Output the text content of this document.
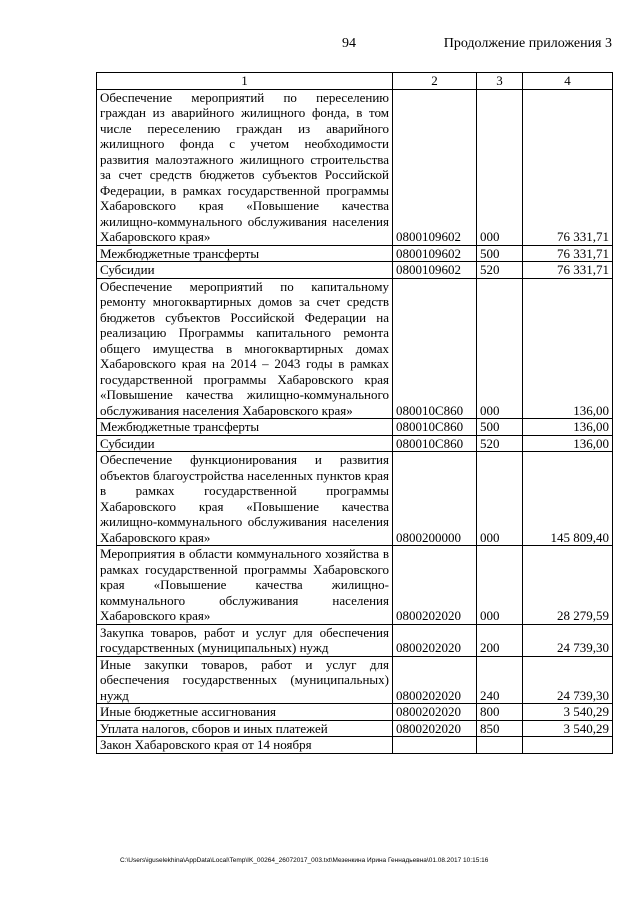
94	Продолжение приложения 3
1	2	3	4
Обеспечение мероприятий по переселению граждан из аварийного жилищного фонда, в том числе переселению граждан из аварийного жилищного фонда с учетом необходимости развития малоэтажного жилищного строительства за счет средств бюджетов субъектов Российской Федерации, в рамках государственной программы Хабаровского края «Повышение качества жилищно-коммунального обслуживания населения Хабаровского края»	0800109602	000	76 331,71
Межбюджетные трансферты	0800109602	500	76 331,71
Субсидии	0800109602	520	76 331,71
Обеспечение мероприятий по капитальному ремонту многоквартирных домов за счет средств бюджетов субъектов Российской Федерации на реализацию Программы капитального ремонта общего имущества в многоквартирных домах Хабаровского края на 2014 – 2043 годы в рамках государственной программы Хабаровского края «Повышение качества жилищно-коммунального обслуживания населения Хабаровского края»	080010С860	000	136,00
Межбюджетные трансферты	080010С860	500	136,00
Субсидии	080010С860	520	136,00
Обеспечение функционирования и развития объектов благоустройства населенных пунктов края в рамках государственной программы Хабаровского края «Повышение качества жилищно-коммунального обслуживания населения Хабаровского края»	0800200000	000	145 809,40
Мероприятия в области коммунального хозяйства в рамках государственной программы Хабаровского края «Повышение качества жилищно-коммунального обслуживания населения Хабаровского края»	0800202020	000	28 279,59
Закупка товаров, работ и услуг для обеспечения государственных (муниципальных) нужд	0800202020	200	24 739,30
Иные закупки товаров, работ и услуг для обеспечения государственных (муниципальных) нужд	0800202020	240	24 739,30
Иные бюджетные ассигнования	0800202020	800	3 540,29
Уплата налогов, сборов и иных платежей	0800202020	850	3 540,29
Закон Хабаровского края от 14 ноября			
C:\Users\iguselekhina\AppData\Local\Temp\IK_00264_26072017_003.txt\Мезенкина Ирина Геннадьевна\01.08.2017 10:15:16
